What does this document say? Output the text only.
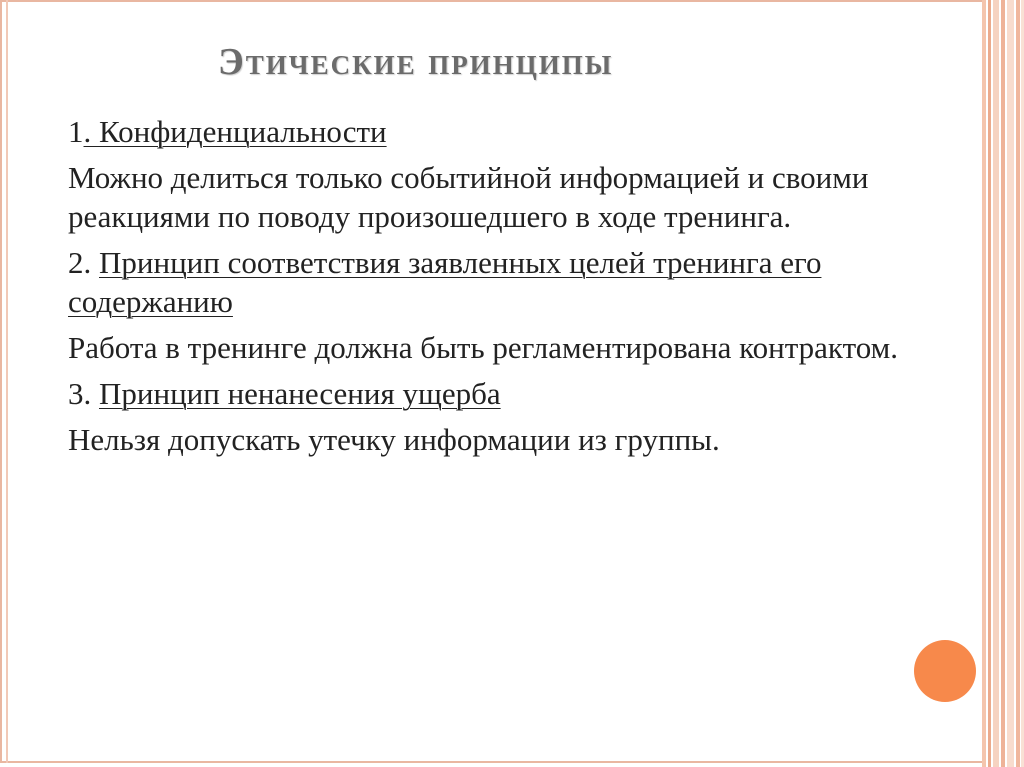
Этические принципы
1. Конфиденциальности
Можно делиться только событийной информацией и своими реакциями по поводу произошедшего в ходе тренинга.
2. Принцип соответствия заявленных целей тренинга его содержанию
Работа в тренинге должна быть регламентирована контрактом.
3. Принцип ненанесения ущерба
Нельзя допускать утечку информации из группы.
